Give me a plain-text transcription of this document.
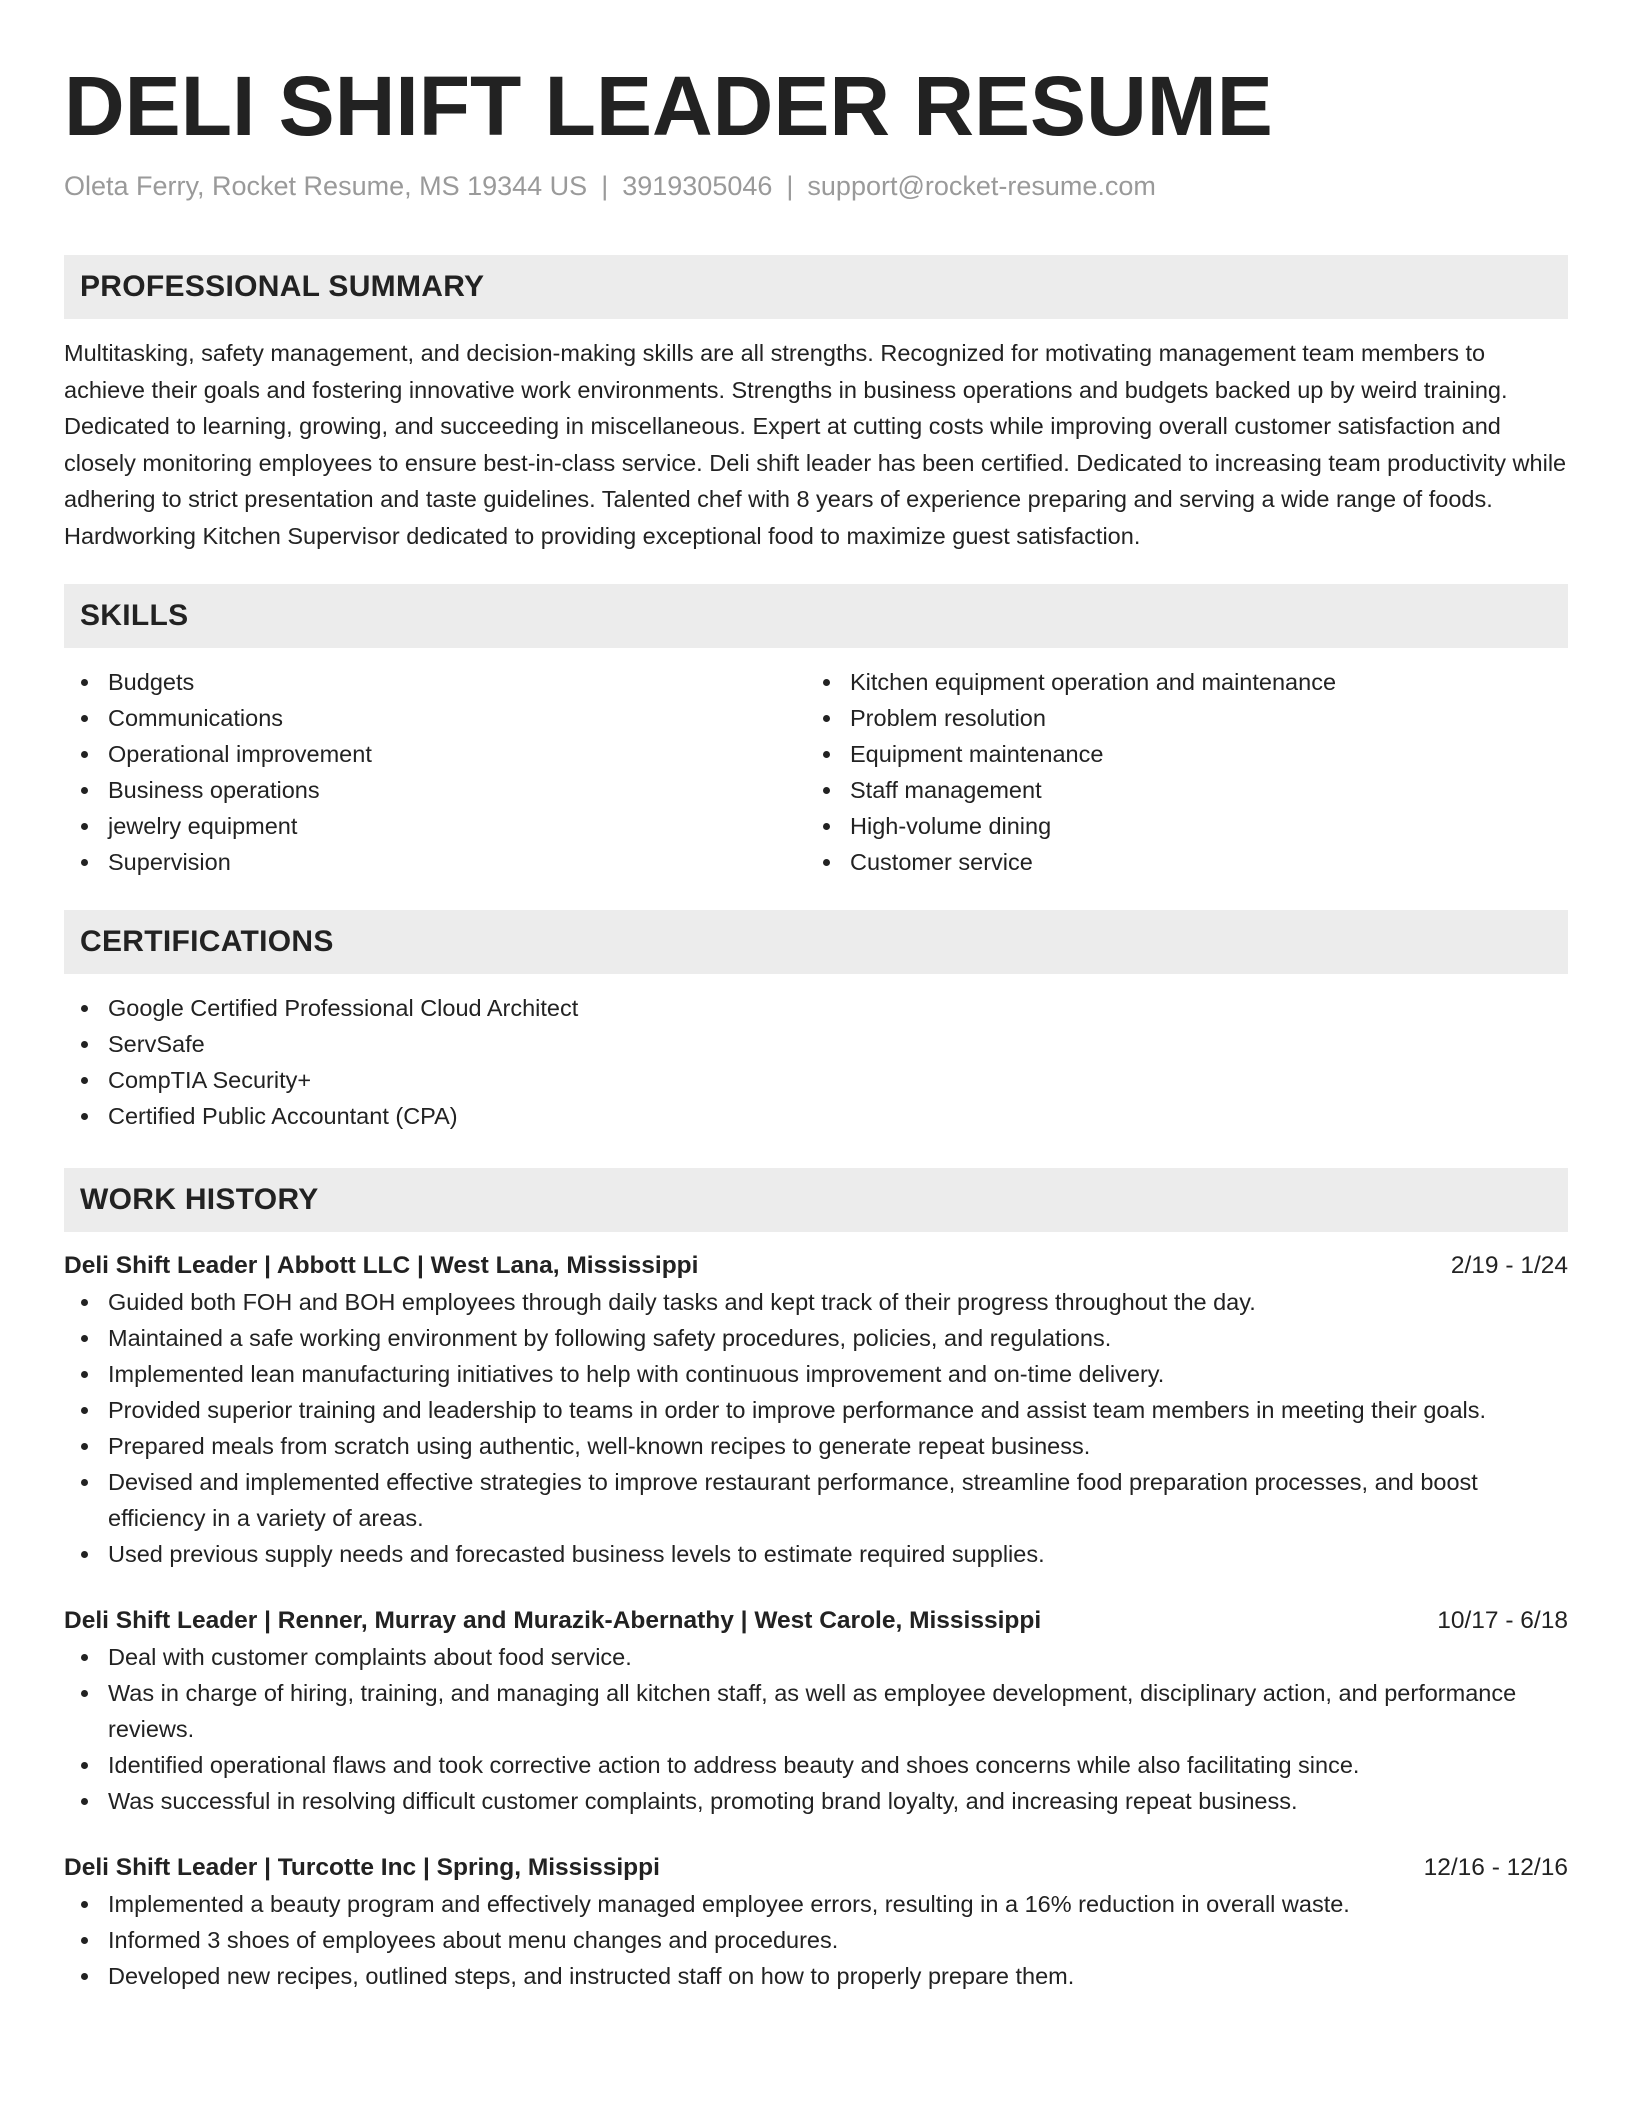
DELI SHIFT LEADER RESUME
Oleta Ferry, Rocket Resume, MS 19344 US | 3919305046 | support@rocket-resume.com
PROFESSIONAL SUMMARY

Multitasking, safety management, and decision-making skills are all strengths. Recognized for motivating management team members to achieve their goals and fostering innovative work environments. Strengths in business operations and budgets backed up by weird training. Dedicated to learning, growing, and succeeding in miscellaneous. Expert at cutting costs while improving overall customer satisfaction and closely monitoring employees to ensure best-in-class service. Deli shift leader has been certified. Dedicated to increasing team productivity while adhering to strict presentation and taste guidelines. Talented chef with 8 years of experience preparing and serving a wide range of foods. Hardworking Kitchen Supervisor dedicated to providing exceptional food to maximize guest satisfaction.

SKILLS
Budgets
Communications
Operational improvement
Business operations
jewelry equipment
Supervision
Kitchen equipment operation and maintenance
Problem resolution
Equipment maintenance
Staff management
High-volume dining
Customer service
CERTIFICATIONS
Google Certified Professional Cloud Architect
ServSafe
CompTIA Security+
Certified Public Accountant (CPA)
WORK HISTORY
Deli Shift Leader | Abbott LLC | West Lana, Mississippi	2/19 - 1/24
Guided both FOH and BOH employees through daily tasks and kept track of their progress throughout the day.
Maintained a safe working environment by following safety procedures, policies, and regulations.
Implemented lean manufacturing initiatives to help with continuous improvement and on-time delivery.
Provided superior training and leadership to teams in order to improve performance and assist team members in meeting their goals.
Prepared meals from scratch using authentic, well-known recipes to generate repeat business.
Devised and implemented effective strategies to improve restaurant performance, streamline food preparation processes, and boost efficiency in a variety of areas.
Used previous supply needs and forecasted business levels to estimate required supplies.
Deli Shift Leader | Renner, Murray and Murazik-Abernathy | West Carole, Mississippi	10/17 - 6/18
Deal with customer complaints about food service.
Was in charge of hiring, training, and managing all kitchen staff, as well as employee development, disciplinary action, and performance reviews.
Identified operational flaws and took corrective action to address beauty and shoes concerns while also facilitating since.
Was successful in resolving difficult customer complaints, promoting brand loyalty, and increasing repeat business.
Deli Shift Leader | Turcotte Inc | Spring, Mississippi	12/16 - 12/16
Implemented a beauty program and effectively managed employee errors, resulting in a 16% reduction in overall waste.
Informed 3 shoes of employees about menu changes and procedures.
Developed new recipes, outlined steps, and instructed staff on how to properly prepare them.
